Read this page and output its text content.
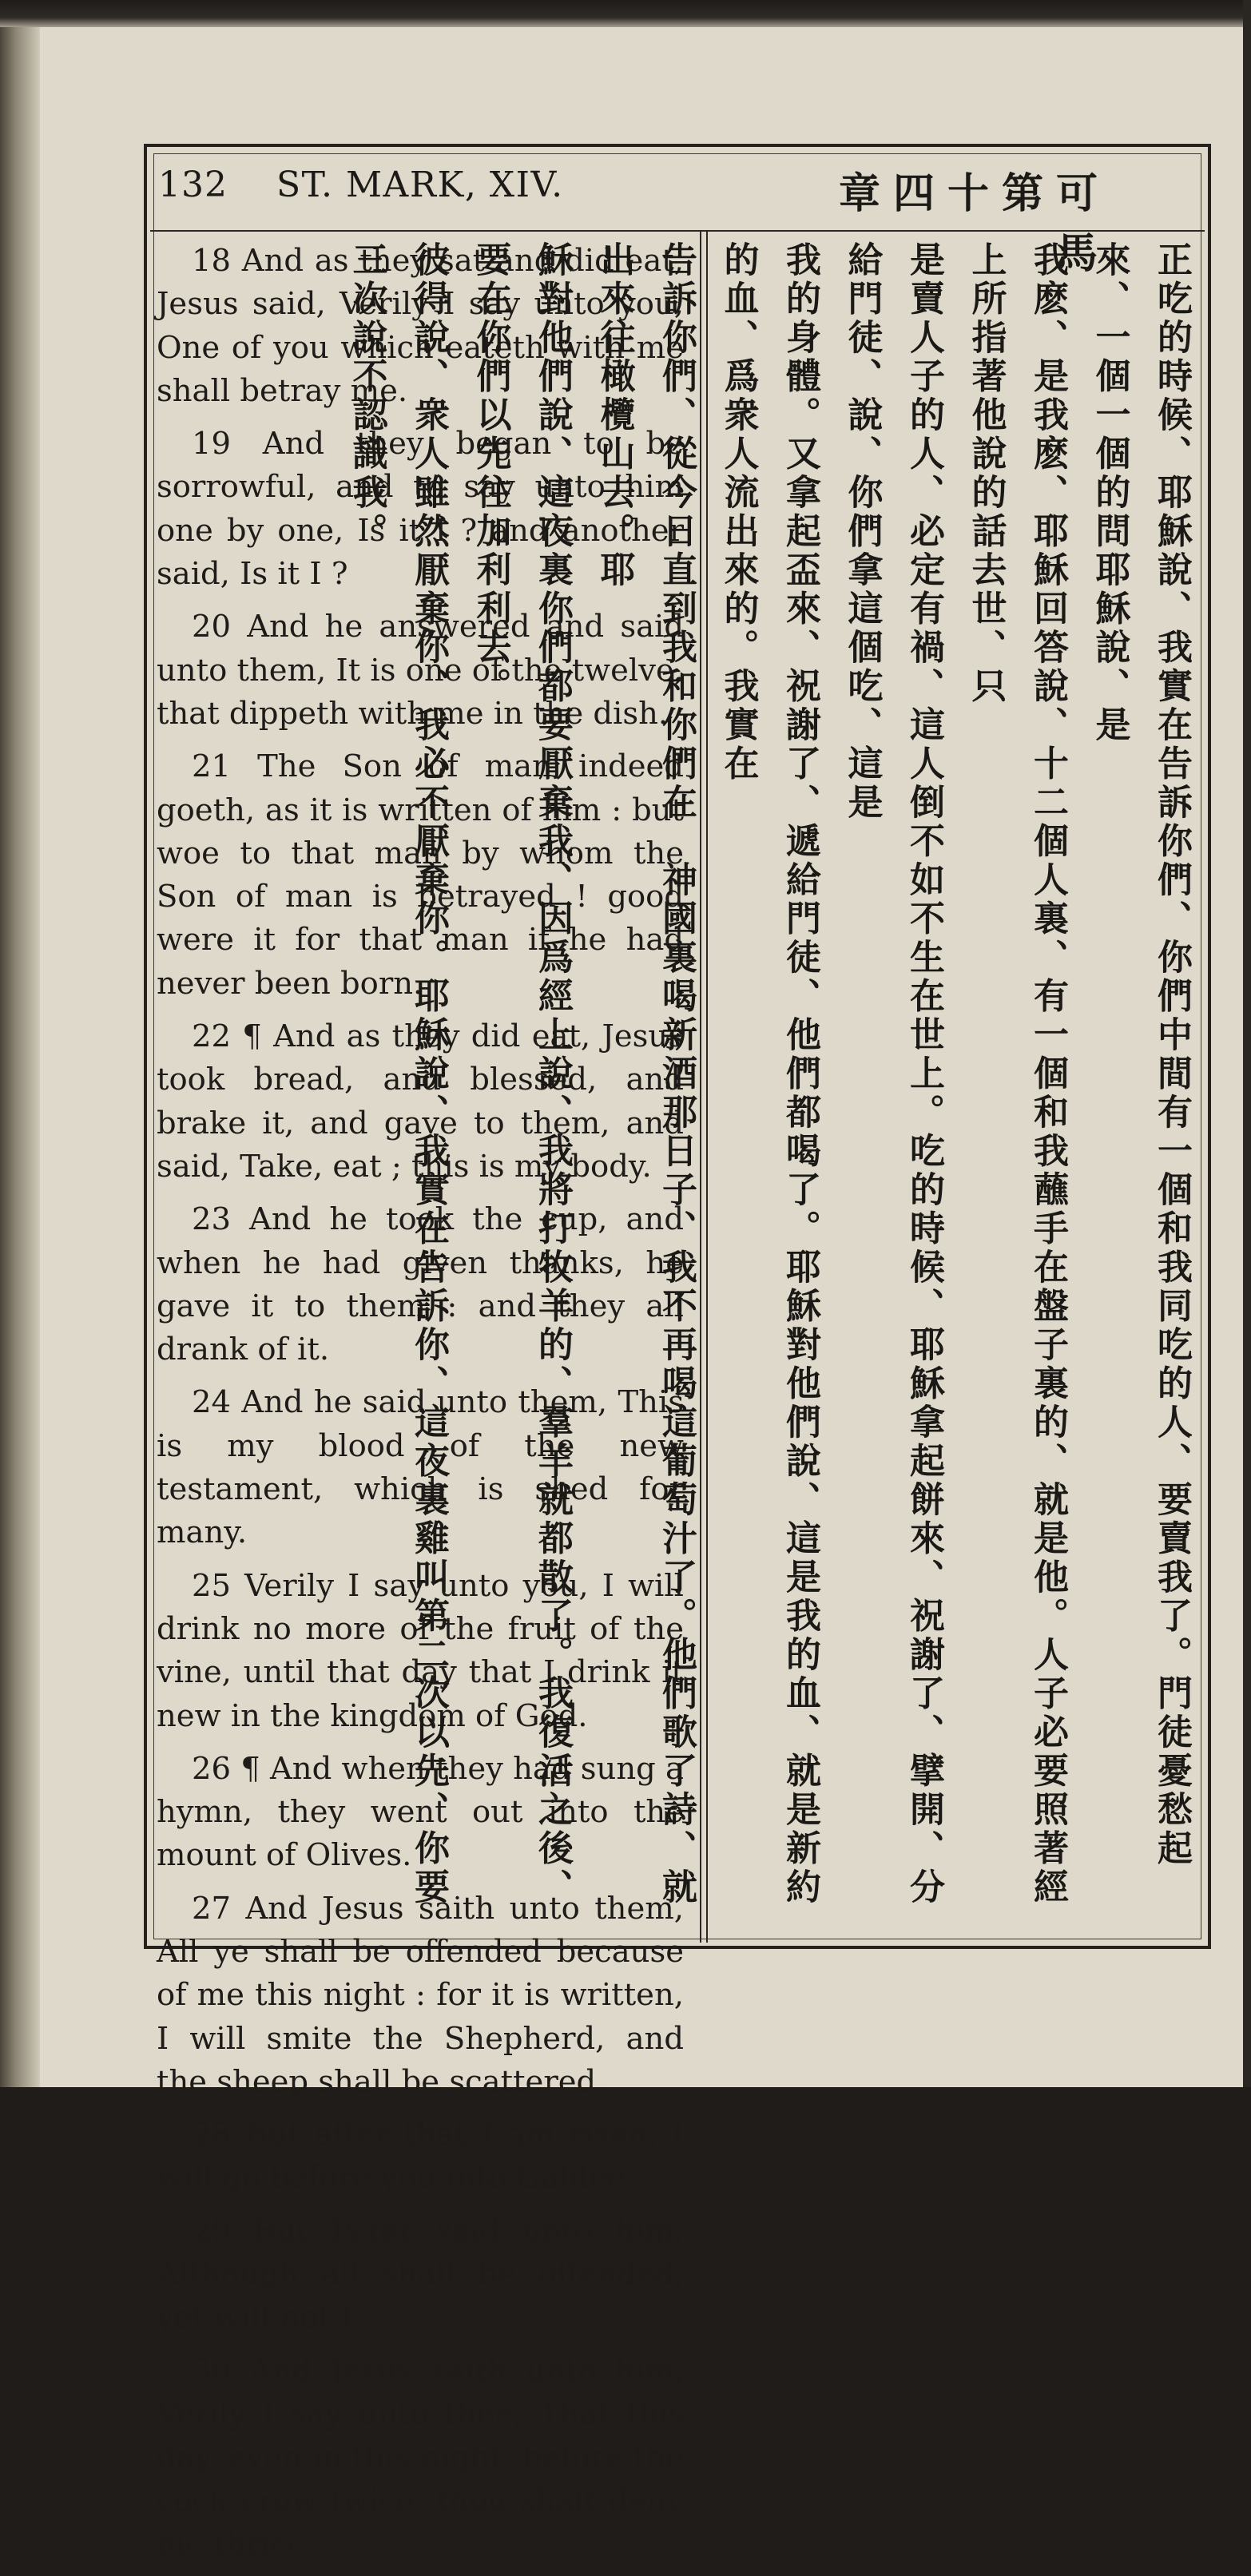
132 ST. MARK, XIV.	章四十第可馬

18 And as they sat and did eat, Jesus said, Verily I say unto you, One of you which eateth with me shall betray me.

19 And they began to be sorrowful, and to say unto him one by one, Is it I ? and another said, Is it I ?

20 And he answered and said unto them, It is one of the twelve, that dippeth with me in the dish.

21 The Son of man indeed goeth, as it is written of him : but woe to that man by whom the Son of man is betrayed ! good were it for that man if he had never been born.

22 ¶ And as they did eat, Jesus took bread, and blessed, and brake it, and gave to them, and said, Take, eat ; this is my body.

23 And he took the cup, and when he had given thanks, he gave it to them : and they all drank of it.

24 And he said unto them, This is my blood of the new testament, which is shed for many.

25 Verily I say unto you, I will drink no more of the fruit of the vine, until that day that I drink it new in the kingdom of God.

26 ¶ And when they had sung a hymn, they went out into the mount of Olives.

27 And Jesus saith unto them, All ye shall be offended because of me this night : for it is written, I will smite the Shepherd, and the sheep shall be scattered.

28 But after that I am risen, I will go before you into Galilee.

29 But Peter said unto him, Although all shall be offended, yet will not I.

30 And Jesus saith unto him, Verily I say unto thee, That this day, even in this night, before the cock crow twice, thou shalt deny me thrice.

正吃的時候、耶穌說、我實在告訴你們、你們中間有一個和我同吃的人、要賣我了。門徒憂愁起來、一個一個的問耶穌說、是
我麽、是我麽、耶穌回答說、十二個人裏、有一個和我蘸手在盤子裏的、就是他。人子必要照著經上所指著他說的話去世、只
是賣人子的人、必定有禍、這人倒不如不生在世上。吃的時候、耶穌拿起餅來、祝謝了、擘開、分給門徒、說、你們拿這個吃、這是
我的身體。又拿起盃來、祝謝了、遞給門徒、他們都喝了。耶穌對他們說、這是我的血、就是新約的血、爲衆人流出來的。我實在
告訴你們、從今日直到我和你們在　神國裏喝新酒那日子、我不再喝這葡萄汁了。他們歌了詩、就出來往橄欖山去。耶
穌對他們說、這夜裏你們都要厭棄我、因爲經上說、我將打牧羊的、羣羊就都散了。我復活之後、要在你們以先往加利利去。
彼得說、衆人雖然厭棄你、我必不厭棄你。耶穌說、我實在告訴你、這夜裏雞叫第二次以先、你要三次說不認識我。
